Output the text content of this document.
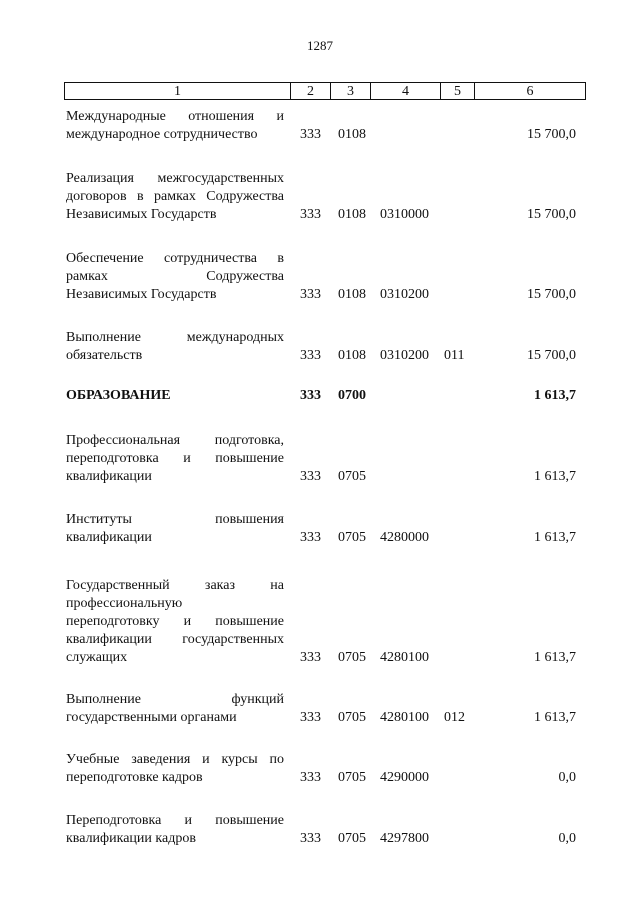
1287
1	2	3	4	5	6
Международные отношения и
международное сотрудничество	333 0108	15 700,0
Реализация межгосударственных
договоров в рамках Содружества
Независимых Государств	333 0108 0310000	15 700,0
Обеспечение сотрудничества в
рамках Содружества
Независимых Государств	333 0108 0310200	15 700,0
Выполнение международных
обязательств	333 0108 0310200 011	15 700,0
ОБРАЗОВАНИЕ	333 0700	1 613,7
Профессиональная подготовка,
переподготовка и повышение
квалификации	333 0705	1 613,7
Институты повышения
квалификации	333 0705 4280000	1 613,7
Государственный заказ на
профессиональную
переподготовку и повышение
квалификации государственных
служащих	333 0705 4280100	1 613,7
Выполнение функций
государственными органами	333 0705 4280100 012	1 613,7
Учебные заведения и курсы по
переподготовке кадров	333 0705 4290000	0,0
Переподготовка и повышение
квалификации кадров	333 0705 4297800	0,0
